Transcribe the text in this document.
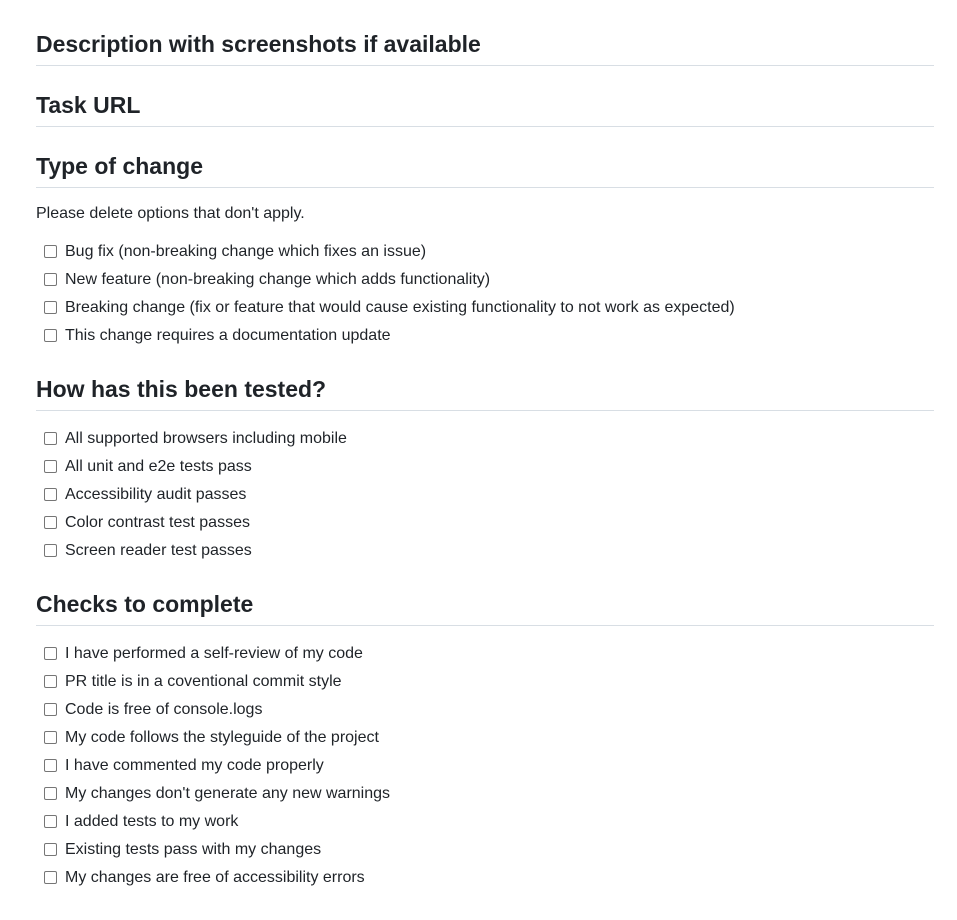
Description with screenshots if available
Task URL
Type of change

Please delete options that don't apply.

Bug fix (non-breaking change which fixes an issue)
New feature (non-breaking change which adds functionality)
Breaking change (fix or feature that would cause existing functionality to not work as expected)
This change requires a documentation update
How has this been tested?
All supported browsers including mobile
All unit and e2e tests pass
Accessibility audit passes
Color contrast test passes
Screen reader test passes
Checks to complete
I have performed a self-review of my code
PR title is in a coventional commit style
Code is free of console.logs
My code follows the styleguide of the project
I have commented my code properly
My changes don't generate any new warnings
I added tests to my work
Existing tests pass with my changes
My changes are free of accessibility errors
